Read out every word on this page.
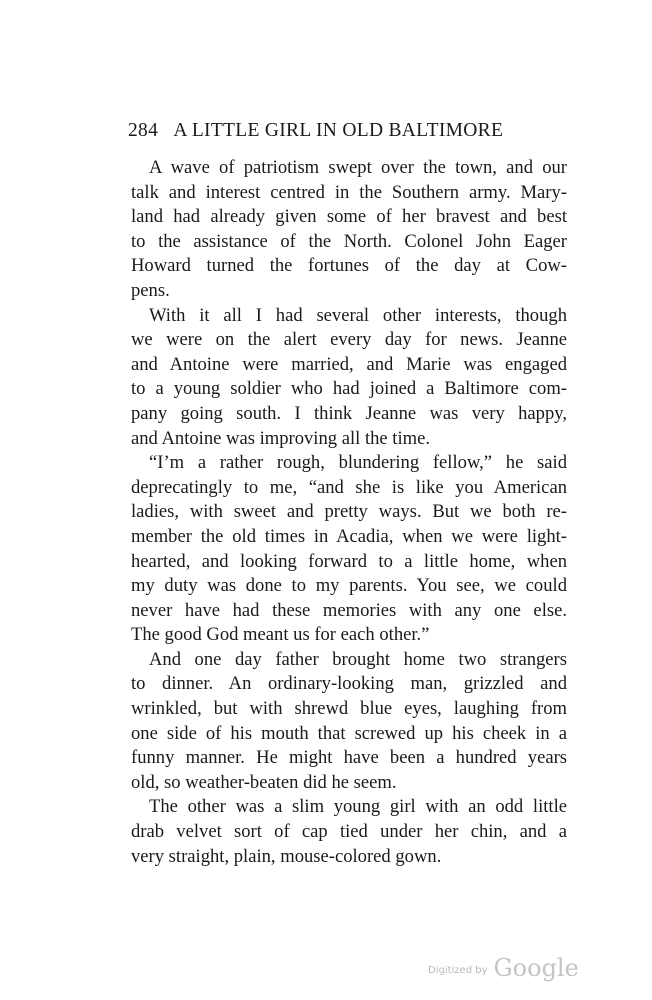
284 A LITTLE GIRL IN OLD BALTIMORE
A wave of patriotism swept over the town, and our
talk and interest centred in the Southern army. Mary-
land had already given some of her bravest and best
to the assistance of the North. Colonel John Eager
Howard turned the fortunes of the day at Cow-
pens.
With it all I had several other interests, though
we were on the alert every day for news. Jeanne
and Antoine were married, and Marie was engaged
to a young soldier who had joined a Baltimore com-
pany going south. I think Jeanne was very happy,
and Antoine was improving all the time.
“I’m a rather rough, blundering fellow,” he said
deprecatingly to me, “and she is like you American
ladies, with sweet and pretty ways. But we both re-
member the old times in Acadia, when we were light-
hearted, and looking forward to a little home, when
my duty was done to my parents. You see, we could
never have had these memories with any one else.
The good God meant us for each other.”
And one day father brought home two strangers
to dinner. An ordinary-looking man, grizzled and
wrinkled, but with shrewd blue eyes, laughing from
one side of his mouth that screwed up his cheek in a
funny manner. He might have been a hundred years
old, so weather-beaten did he seem.
The other was a slim young girl with an odd little
drab velvet sort of cap tied under her chin, and a
very straight, plain, mouse-colored gown.
Digitized by Google
